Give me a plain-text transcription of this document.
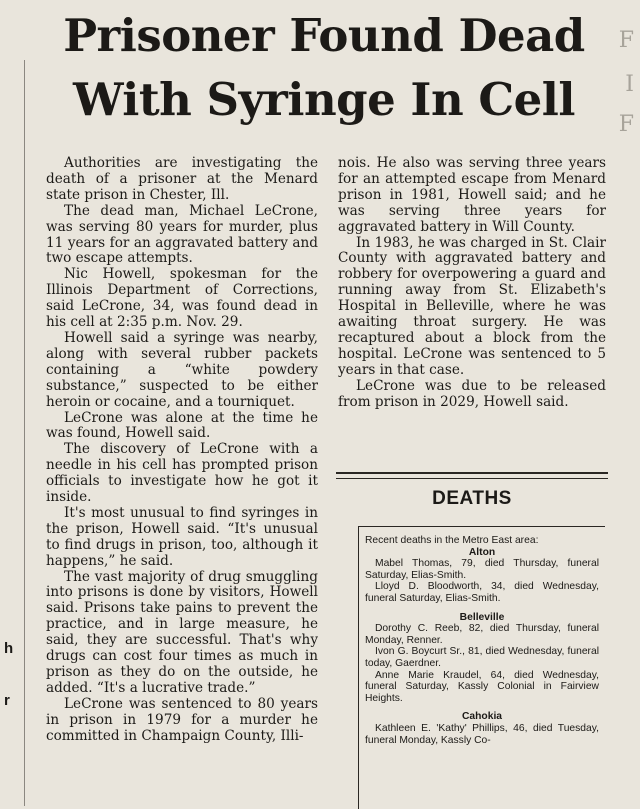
h
r
F
I
F
Prisoner Found Dead
With Syringe In Cell

Authorities are investigating the death of a prisoner at the Menard state prison in Chester, Ill.

The dead man, Michael LeCrone, was serving 80 years for murder, plus 11 years for an aggravated battery and two escape attempts.

Nic Howell, spokesman for the Illinois Department of Corrections, said LeCrone, 34, was found dead in his cell at 2:35 p.m. Nov. 29.

Howell said a syringe was nearby, along with several rubber packets containing a “white powdery substance,” suspected to be either heroin or cocaine, and a tourniquet.

LeCrone was alone at the time he was found, Howell said.

The discovery of LeCrone with a needle in his cell has prompted prison officials to investigate how he got it inside.

It's most unusual to find syringes in the prison, Howell said. “It's unusual to find drugs in prison, too, although it happens,” he said.

The vast majority of drug smuggling into prisons is done by visitors, Howell said. Prisons take pains to prevent the practice, and in large measure, he said, they are successful. That's why drugs can cost four times as much in prison as they do on the outside, he added. “It's a lucrative trade.”

LeCrone was sentenced to 80 years in prison in 1979 for a murder he committed in Champaign County, Illi-

nois. He also was serving three years for an attempted escape from Menard prison in 1981, Howell said; and he was serving three years for aggravated battery in Will County.

In 1983, he was charged in St. Clair County with aggravated battery and robbery for overpowering a guard and running away from St. Elizabeth's Hospital in Belleville, where he was awaiting throat surgery. He was recaptured about a block from the hospital. LeCrone was sentenced to 5 years in that case.

LeCrone was due to be released from prison in 2029, Howell said.

DEATHS
Recent deaths in the Metro East area:
Alton
Mabel Thomas, 79, died Thursday, funeral Saturday, Elias-Smith.
Lloyd D. Bloodworth, 34, died Wednesday, funeral Saturday, Elias-Smith.
Belleville
Dorothy C. Reeb, 82, died Thursday, funeral Monday, Renner.
Ivon G. Boycurt Sr., 81, died Wednesday, funeral today, Gaerdner.
Anne Marie Kraudel, 64, died Wednesday, funeral Saturday, Kassly Colonial in Fairview Heights.
Cahokia
Kathleen E. 'Kathy' Phillips, 46, died Tuesday, funeral Monday, Kassly Co-
